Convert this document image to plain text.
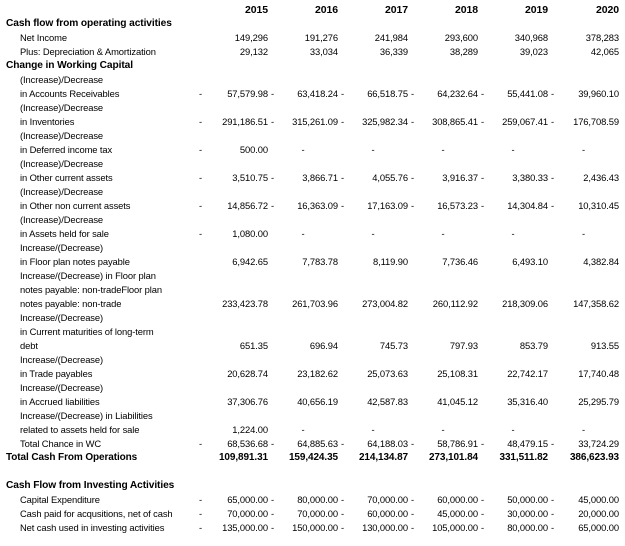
	2015	2016	2017	2018	2019	2020
Cash flow from operating activities						
Net Income	149,296	191,276	241,984	293,600	340,968	378,283
Plus: Depreciation & Amortization	29,132	33,034	36,339	38,289	39,023	42,065
Change in Working Capital						
(Increase)/Decrease						
in Accounts Receivables	- 57,579.98	- 63,418.24	- 66,518.75	- 64,232.64	- 55,441.08	- 39,960.10
(Increase)/Decrease						
in Inventories	- 291,186.51	- 315,261.09	- 325,982.34	- 308,865.41	- 259,067.41	- 176,708.59
(Increase)/Decrease						
in Deferred income tax	- 500.00	-	-	-	-	-
(Increase)/Decrease						
in Other current assets	- 3,510.75	- 3,866.71	- 4,055.76	- 3,916.37	- 3,380.33	- 2,436.43
(Increase)/Decrease						
in Other non current assets	- 14,856.72	- 16,363.09	- 17,163.09	- 16,573.23	- 14,304.84	- 10,310.45
(Increase)/Decrease						
in Assets held for sale	- 1,080.00	-	-	-	-	-
Increase/(Decrease)						
in Floor plan notes payable	6,942.65	7,783.78	8,119.90	7,736.46	6,493.10	4,382.84
Increase/(Decrease) in Floor plan						
notes payable: non-tradeFloor plan						
notes payable: non-trade	233,423.78	261,703.96	273,004.82	260,112.92	218,309.06	147,358.62
Increase/(Decrease)						
in Current maturities of long-term						
debt	651.35	696.94	745.73	797.93	853.79	913.55
Increase/(Decrease)						
in Trade payables	20,628.74	23,182.62	25,073.63	25,108.31	22,742.17	17,740.48
Increase/(Decrease)						
in Accrued liabilities	37,306.76	40,656.19	42,587.83	41,045.12	35,316.40	25,295.79
Increase/(Decrease) in Liabilities						
related to assets held for sale	1,224.00	-	-	-	-	-
Total Chance in WC	- 68,536.68	- 64,885.63	- 64,188.03	- 58,786.91	- 48,479.15	- 33,724.29
Total Cash From Operations	109,891.31	159,424.35	214,134.87	273,101.84	331,511.82	386,623.93

Cash Flow from Investing Activities						
Capital Expenditure	- 65,000.00	- 80,000.00	- 70,000.00	- 60,000.00	- 50,000.00	- 45,000.00
Cash paid for acqusitions, net of cash	- 70,000.00	- 70,000.00	- 60,000.00	- 45,000.00	- 30,000.00	- 20,000.00
Net cash used in investing activities	- 135,000.00	- 150,000.00	- 130,000.00	- 105,000.00	- 80,000.00	- 65,000.00
